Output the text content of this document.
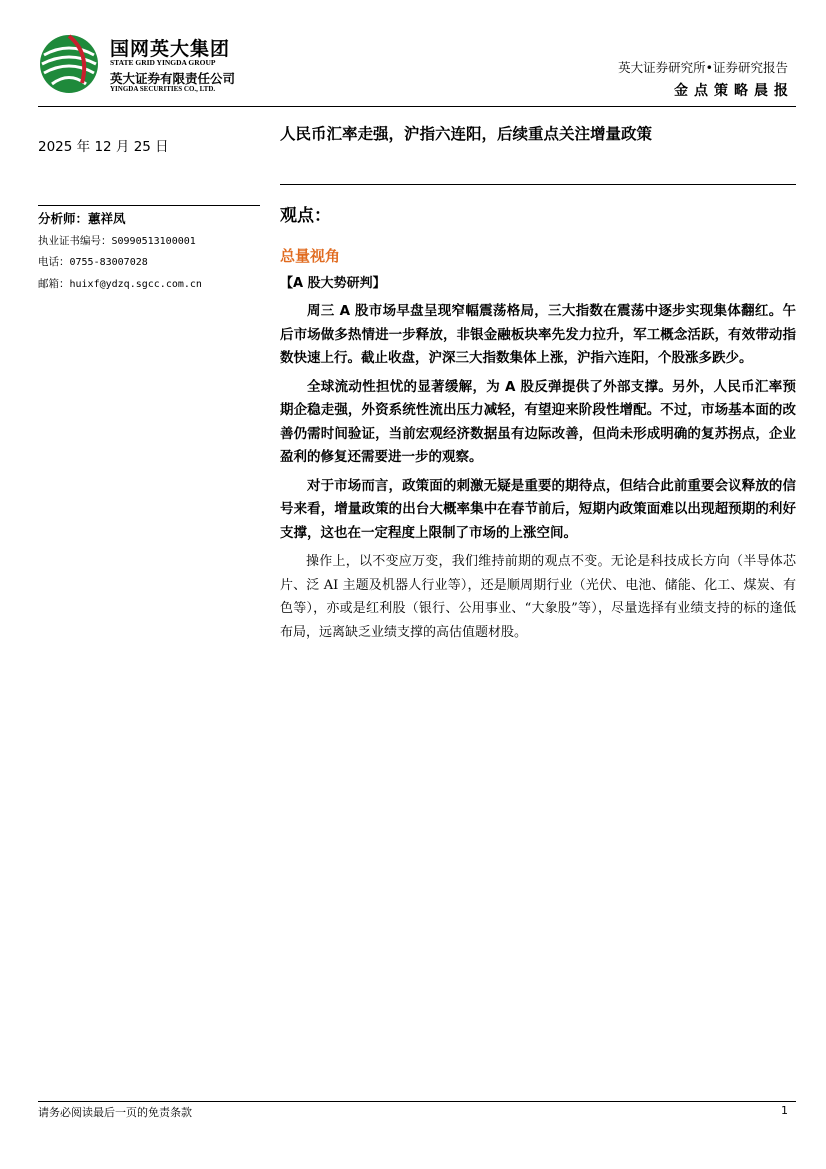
国网英大集团
STATE GRID YINGDA GROUP
英大证券有限责任公司
YINGDA SECURITIES CO., LTD.
英大证券研究所•证券研究报告
金点策略晨报
2025 年 12 月 25 日
人民币汇率走强，沪指六连阳，后续重点关注增量政策
分析师：蕙祥凤
执业证书编号：S0990513100001
电话：0755-83007028
邮箱：huixf@ydzq.sgcc.com.cn
观点：
总量视角
【A 股大势研判】

周三 A 股市场早盘呈现窄幅震荡格局，三大指数在震荡中逐步实现集体翻红。午后市场做多热情进一步释放，非银金融板块率先发力拉升，军工概念活跃，有效带动指数快速上行。截止收盘，沪深三大指数集体上涨，沪指六连阳，个股涨多跌少。

全球流动性担忧的显著缓解，为 A 股反弹提供了外部支撑。另外，人民币汇率预期企稳走强，外资系统性流出压力减轻，有望迎来阶段性增配。不过，市场基本面的改善仍需时间验证，当前宏观经济数据虽有边际改善，但尚未形成明确的复苏拐点，企业盈利的修复还需要进一步的观察。

对于市场而言，政策面的刺激无疑是重要的期待点，但结合此前重要会议释放的信号来看，增量政策的出台大概率集中在春节前后，短期内政策面难以出现超预期的利好支撑，这也在一定程度上限制了市场的上涨空间。

操作上，以不变应万变，我们维持前期的观点不变。无论是科技成长方向（半导体芯片、泛 AI 主题及机器人行业等），还是顺周期行业（光伏、电池、储能、化工、煤炭、有色等），亦或是红利股（银行、公用事业、“大象股”等），尽量选择有业绩支持的标的逢低布局，远离缺乏业绩支撑的高估值题材股。

请务必阅读最后一页的免责条款	1
